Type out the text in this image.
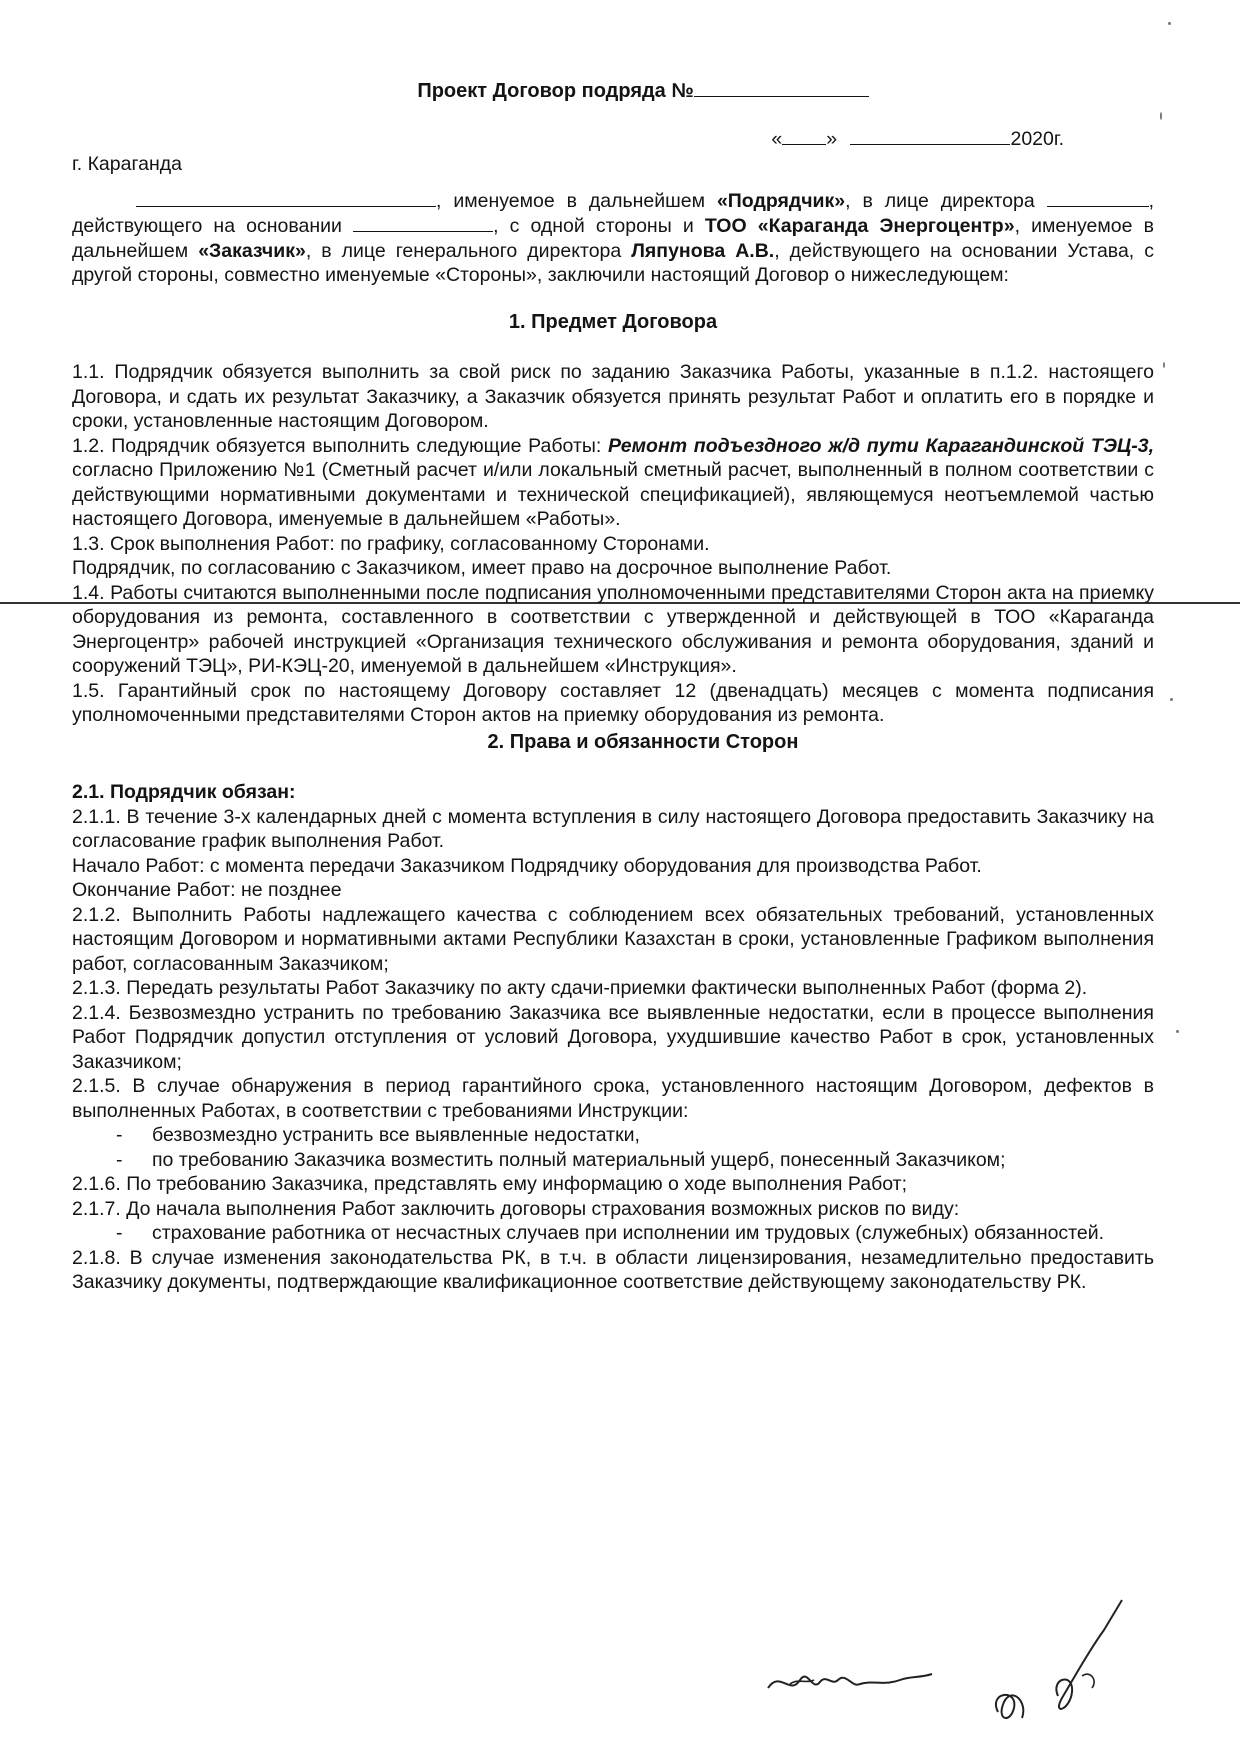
Проект Договор подряда №
г. Караганда
« »	2020г.

, именуемое в дальнейшем «Подрядчик», в лице директора	, действующего на основании	, с одной стороны и ТОО «Караганда Энергоцентр», именуемое в дальнейшем «Заказчик», в лице генерального директора Ляпунова А.В., действующего на основании Устава, с другой стороны, совместно именуемые «Стороны», заключили настоящий Договор о нижеследующем:

1. Предмет Договора

1.1. Подрядчик обязуется выполнить за свой риск по заданию Заказчика Работы, указанные в п.1.2. настоящего Договора, и сдать их результат Заказчику, а Заказчик обязуется принять результат Работ и оплатить его в порядке и сроки, установленные настоящим Договором.

1.2. Подрядчик обязуется выполнить следующие Работы: Ремонт подъездного ж/д пути Карагандинской ТЭЦ-3, согласно Приложению №1 (Сметный расчет и/или локальный сметный расчет, выполненный в полном соответствии с действующими нормативными документами и технической спецификацией), являющемуся неотъемлемой частью настоящего Договора, именуемые в дальнейшем «Работы».

1.3. Срок выполнения Работ: по графику, согласованному Сторонами.

Подрядчик, по согласованию с Заказчиком, имеет право на досрочное выполнение Работ.

1.4. Работы считаются выполненными после подписания уполномоченными представителями Сторон акта на приемку оборудования из ремонта, составленного в соответствии с утвержденной и действующей в ТОО «Караганда Энергоцентр» рабочей инструкцией «Организация технического обслуживания и ремонта оборудования, зданий и сооружений ТЭЦ», РИ-КЭЦ-20, именуемой в дальнейшем «Инструкция».

1.5. Гарантийный срок по настоящему Договору составляет 12 (двенадцать) месяцев с момента подписания уполномоченными представителями Сторон актов на приемку оборудования из ремонта.

2. Права и обязанности Сторон

2.1. Подрядчик обязан:

2.1.1. В течение 3-х календарных дней с момента вступления в силу настоящего Договора предоставить Заказчику на согласование график выполнения Работ.

Начало Работ: с момента передачи Заказчиком Подрядчику оборудования для производства Работ.

Окончание Работ: не позднее

2.1.2. Выполнить Работы надлежащего качества с соблюдением всех обязательных требований, установленных настоящим Договором и нормативными актами Республики Казахстан в сроки, установленные Графиком выполнения работ, согласованным Заказчиком;

2.1.3. Передать результаты Работ Заказчику по акту сдачи-приемки фактически выполненных Работ (форма 2).

2.1.4. Безвозмездно устранить по требованию Заказчика все выявленные недостатки, если в процессе выполнения Работ Подрядчик допустил отступления от условий Договора, ухудшившие качество Работ в срок, установленных Заказчиком;

2.1.5. В случае обнаружения в период гарантийного срока, установленного настоящим Договором, дефектов в выполненных Работах, в соответствии с требованиями Инструкции:

-	безвозмездно устранить все выявленные недостатки,
-	по требованию Заказчика возместить полный материальный ущерб, понесенный Заказчиком;

2.1.6. По требованию Заказчика, представлять ему информацию о ходе выполнения Работ;

2.1.7. До начала выполнения Работ заключить договоры страхования возможных рисков по виду:

-	страхование работника от несчастных случаев при исполнении им трудовых (служебных) обязанностей.

2.1.8. В случае изменения законодательства РК, в т.ч. в области лицензирования, незамедлительно предоставить Заказчику документы, подтверждающие квалификационное соответствие действующему законодательству РК.
